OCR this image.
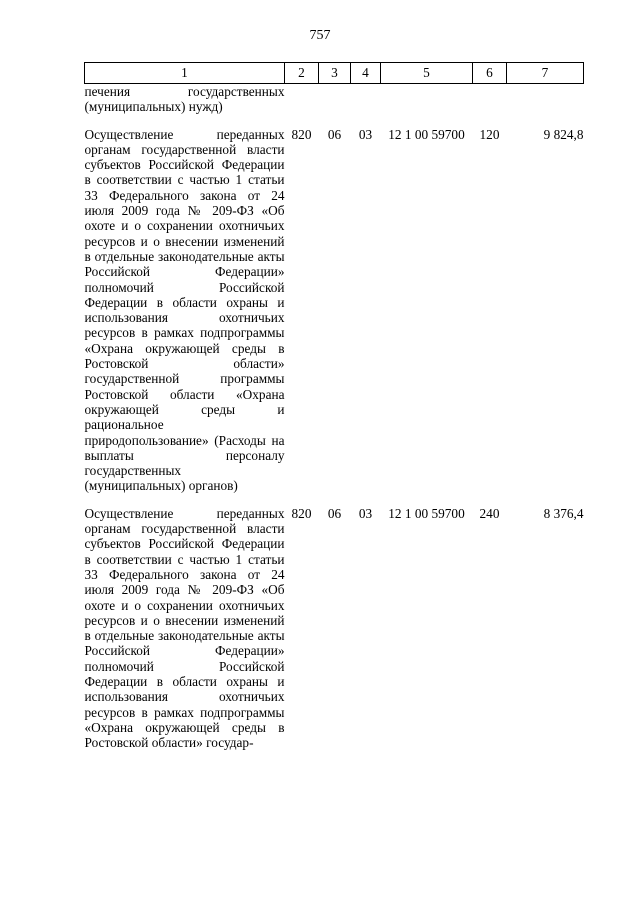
757
1	2	3	4	5	6	7
печения государственных (муниципальных) нужд)						
Осуществление переданных органам государственной власти субъектов Российской Федерации в соответствии с частью 1 статьи 33 Федерального закона от 24 июля 2009 года № 209-ФЗ «Об охоте и о сохранении охотничьих ресурсов и о внесении изменений в отдельные законодательные акты Российской Федерации» полномочий Российской Федерации в области охраны и использования охотничьих ресурсов в рамках подпрограммы «Охрана окружающей среды в Ростовской области» государственной программы Ростовской области «Охрана окружающей среды и рациональное природопользование» (Расходы на выплаты персоналу государственных (муниципальных) органов)	820	06	03	12 1 00 59700	120	9 824,8
Осуществление переданных органам государственной власти субъектов Российской Федерации в соответствии с частью 1 статьи 33 Федерального закона от 24 июля 2009 года № 209-ФЗ «Об охоте и о сохранении охотничьих ресурсов и о внесении изменений в отдельные законодательные акты Российской Федерации» полномочий Российской Федерации в области охраны и использования охотничьих ресурсов в рамках подпрограммы «Охрана окружающей среды в Ростовской области» государ-	820	06	03	12 1 00 59700	240	8 376,4
